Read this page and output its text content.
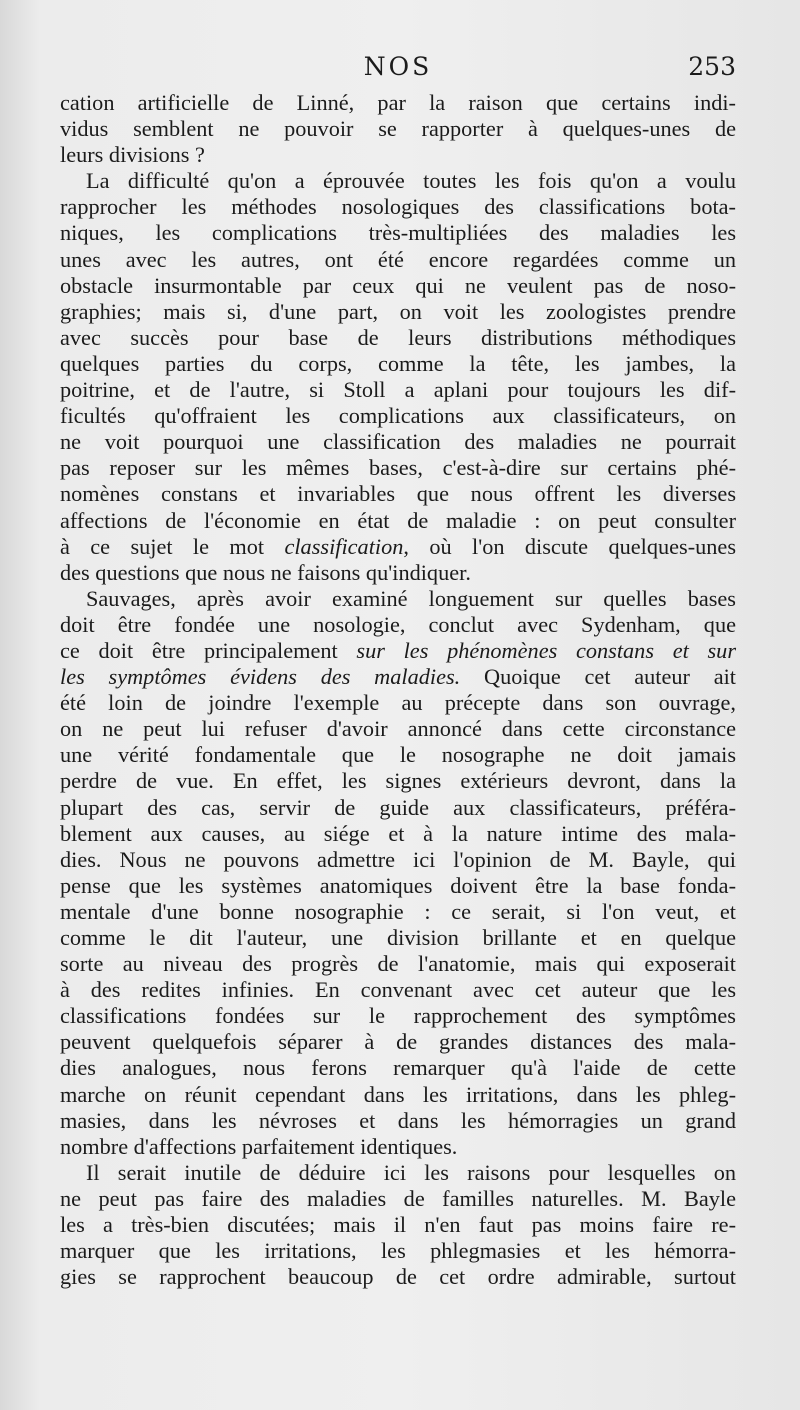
NOS	253

cation artificielle de Linné, par la raison que certains indi-
vidus semblent ne pouvoir se rapporter à quelques-unes de
leurs divisions ?

La difficulté qu'on a éprouvée toutes les fois qu'on a voulu
rapprocher les méthodes nosologiques des classifications bota-
niques, les complications très-multipliées des maladies les
unes avec les autres, ont été encore regardées comme un
obstacle insurmontable par ceux qui ne veulent pas de noso-
graphies; mais si, d'une part, on voit les zoologistes prendre
avec succès pour base de leurs distributions méthodiques
quelques parties du corps, comme la tête, les jambes, la
poitrine, et de l'autre, si Stoll a aplani pour toujours les dif-
ficultés qu'offraient les complications aux classificateurs, on
ne voit pourquoi une classification des maladies ne pourrait
pas reposer sur les mêmes bases, c'est-à-dire sur certains phé-
nomènes constans et invariables que nous offrent les diverses
affections de l'économie en état de maladie : on peut consulter
à ce sujet le mot classification, où l'on discute quelques-unes
des questions que nous ne faisons qu'indiquer.

Sauvages, après avoir examiné longuement sur quelles bases
doit être fondée une nosologie, conclut avec Sydenham, que
ce doit être principalement sur les phénomènes constans et sur
les symptômes évidens des maladies. Quoique cet auteur ait
été loin de joindre l'exemple au précepte dans son ouvrage,
on ne peut lui refuser d'avoir annoncé dans cette circonstance
une vérité fondamentale que le nosographe ne doit jamais
perdre de vue. En effet, les signes extérieurs devront, dans la
plupart des cas, servir de guide aux classificateurs, préféra-
blement aux causes, au siége et à la nature intime des mala-
dies. Nous ne pouvons admettre ici l'opinion de M. Bayle, qui
pense que les systèmes anatomiques doivent être la base fonda-
mentale d'une bonne nosographie : ce serait, si l'on veut, et
comme le dit l'auteur, une division brillante et en quelque
sorte au niveau des progrès de l'anatomie, mais qui exposerait
à des redites infinies. En convenant avec cet auteur que les
classifications fondées sur le rapprochement des symptômes
peuvent quelquefois séparer à de grandes distances des mala-
dies analogues, nous ferons remarquer qu'à l'aide de cette
marche on réunit cependant dans les irritations, dans les phleg-
masies, dans les névroses et dans les hémorragies un grand
nombre d'affections parfaitement identiques.

Il serait inutile de déduire ici les raisons pour lesquelles on
ne peut pas faire des maladies de familles naturelles. M. Bayle
les a très-bien discutées; mais il n'en faut pas moins faire re-
marquer que les irritations, les phlegmasies et les hémorra-
gies se rapprochent beaucoup de cet ordre admirable, surtout
